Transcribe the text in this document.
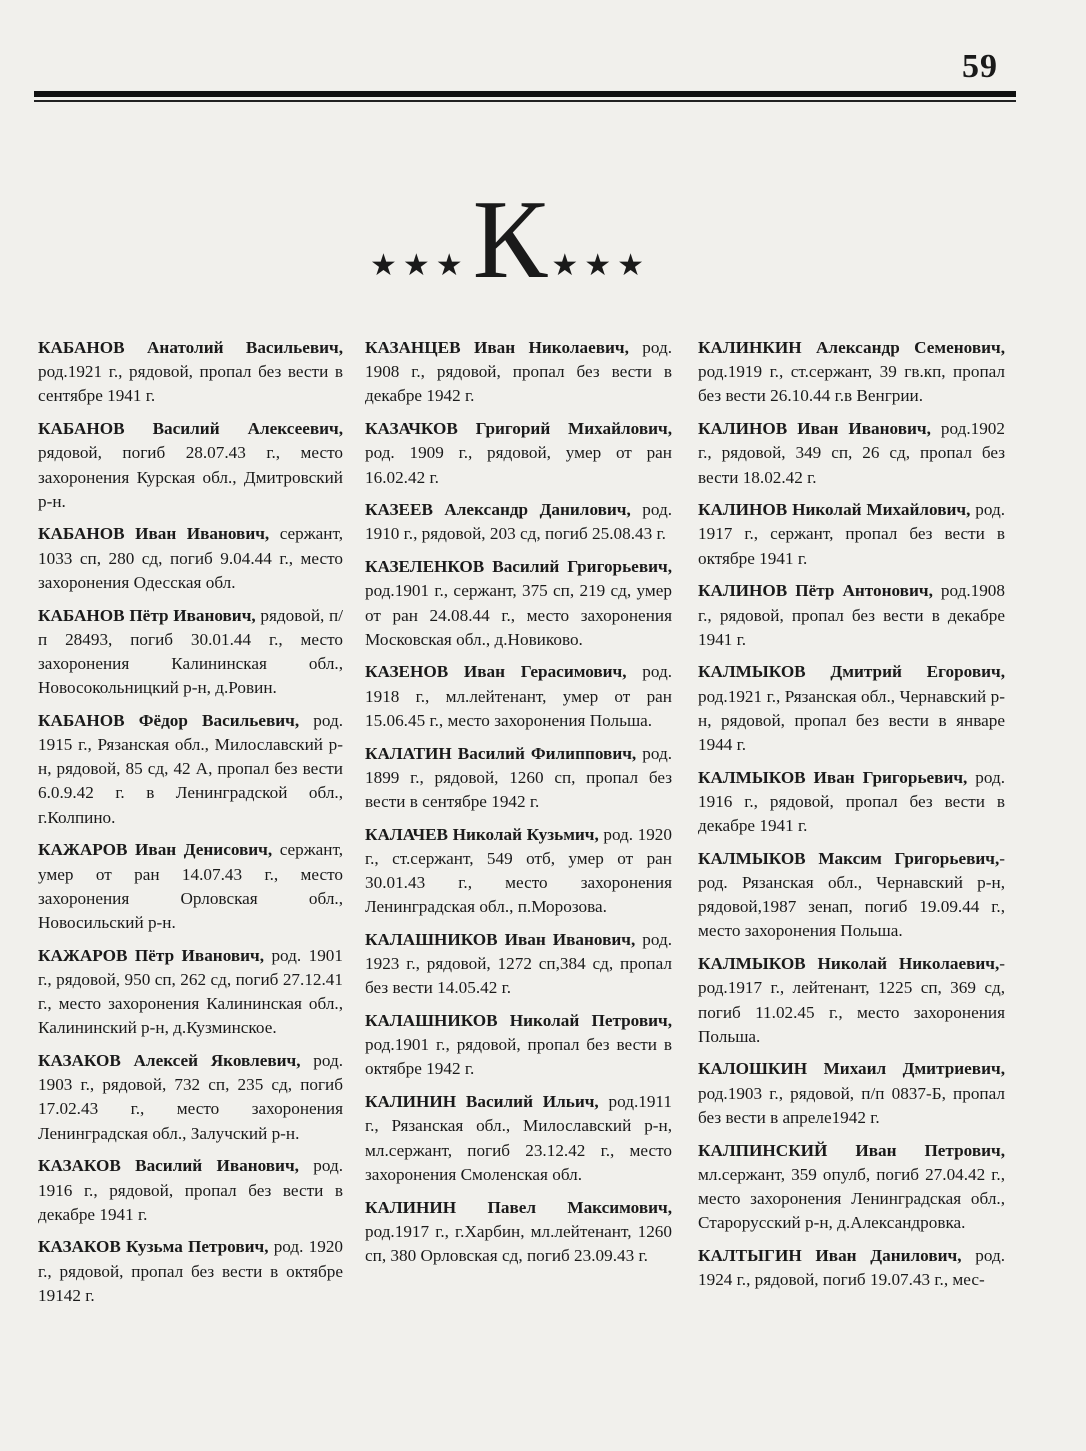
59
★★★К ★★★

КАБАНОВ Анатолий Васильевич, род.1921 г., рядовой, пропал без вести в сентябре 1941 г.

КАБАНОВ Василий Алексеевич, рядовой, погиб 28.07.43 г., место захоронения Курская обл., Дмитровский р-н.

КАБАНОВ Иван Иванович, сержант, 1033 сп, 280 сд, погиб 9.04.44 г., место захоронения Одесская обл.

КАБАНОВ Пётр Иванович, рядовой, п/п 28493, погиб 30.01.44 г., место захоронения Калининская обл., Новосокольницкий р-н, д.Ровин.

КАБАНОВ Фёдор Васильевич, род. 1915 г., Рязанская обл., Милославский р-н, рядовой, 85 сд, 42 А, пропал без вести 6.0.9.42 г. в Ленинградской обл., г.Колпино.

КАЖАРОВ Иван Денисович, сержант, умер от ран 14.07.43 г., место захоронения Орловская обл., Новосильский р-н.

КАЖАРОВ Пётр Иванович, род. 1901 г., рядовой, 950 сп, 262 сд, погиб 27.12.41 г., место захоронения Калининская обл., Калининский р-н, д.Кузминское.

КАЗАКОВ Алексей Яковлевич, род. 1903 г., рядовой, 732 сп, 235 сд, погиб 17.02.43 г., место захоронения Ленинградская обл., Залучский р-н.

КАЗАКОВ Василий Иванович, род. 1916 г., рядовой, пропал без вести в декабре 1941 г.

КАЗАКОВ Кузьма Петрович, род. 1920 г., рядовой, пропал без вести в октябре 19142 г.

КАЗАНЦЕВ Иван Николаевич, род. 1908 г., рядовой, пропал без вести в декабре 1942 г.

КАЗАЧКОВ Григорий Михайлович, род. 1909 г., рядовой, умер от ран 16.02.42 г.

КАЗЕЕВ Александр Данилович, род. 1910 г., рядовой, 203 сд, погиб 25.08.43 г.

КАЗЕЛЕНКОВ Василий Григорьевич, род.1901 г., сержант, 375 сп, 219 сд, умер от ран 24.08.44 г., место захоронения Московская обл., д.Новиково.

КАЗЕНОВ Иван Герасимович, род. 1918 г., мл.лейтенант, умер от ран 15.06.45 г., место захоронения Польша.

КАЛАТИН Василий Филиппович, род. 1899 г., рядовой, 1260 сп, пропал без вести в сентябре 1942 г.

КАЛАЧЕВ Николай Кузьмич, род. 1920 г., ст.сержант, 549 отб, умер от ран 30.01.43 г., место захоронения Ленинградская обл., п.Морозова.

КАЛАШНИКОВ Иван Иванович, род. 1923 г., рядовой, 1272 сп,384 сд, пропал без вести 14.05.42 г.

КАЛАШНИКОВ Николай Петрович, род.1901 г., рядовой, пропал без вести в октябре 1942 г.

КАЛИНИН Василий Ильич, род.1911 г., Рязанская обл., Милославский р-н, мл.сержант, погиб 23.12.42 г., место захоронения Смоленская обл.

КАЛИНИН Павел Максимович, род.1917 г., г.Харбин, мл.лейтенант, 1260 сп, 380 Орловская сд, погиб 23.09.43 г.

КАЛИНКИН Александр Семенович, род.1919 г., ст.сержант, 39 гв.кп, пропал без вести 26.10.44 г.в Венгрии.

КАЛИНОВ Иван Иванович, род.1902 г., рядовой, 349 сп, 26 сд, пропал без вести 18.02.42 г.

КАЛИНОВ Николай Михайлович, род. 1917 г., сержант, пропал без вести в октябре 1941 г.

КАЛИНОВ Пётр Антонович, род.1908 г., рядовой, пропал без вести в декабре 1941 г.

КАЛМЫКОВ Дмитрий Егорович, род.1921 г., Рязанская обл., Чернавский р-н, рядовой, пропал без вести в январе 1944 г.

КАЛМЫКОВ Иван Григорьевич, род. 1916 г., рядовой, пропал без вести в декабре 1941 г.

КАЛМЫКОВ Максим Григорьевич,-род. Рязанская обл., Чернавский р-н, рядовой,1987 зенап, погиб 19.09.44 г., место захоронения Польша.

КАЛМЫКОВ Николай Николаевич,-род.1917 г., лейтенант, 1225 сп, 369 сд, погиб 11.02.45 г., место захоронения Польша.

КАЛОШКИН Михаил Дмитриевич, род.1903 г., рядовой, п/п 0837-Б, пропал без вести в апреле1942 г.

КАЛПИНСКИЙ Иван Петрович, мл.сержант, 359 опулб, погиб 27.04.42 г., место захоронения Ленинградская обл., Старорусский р-н, д.Александровка.

КАЛТЫГИН Иван Данилович, род. 1924 г., рядовой, погиб 19.07.43 г., мес-
